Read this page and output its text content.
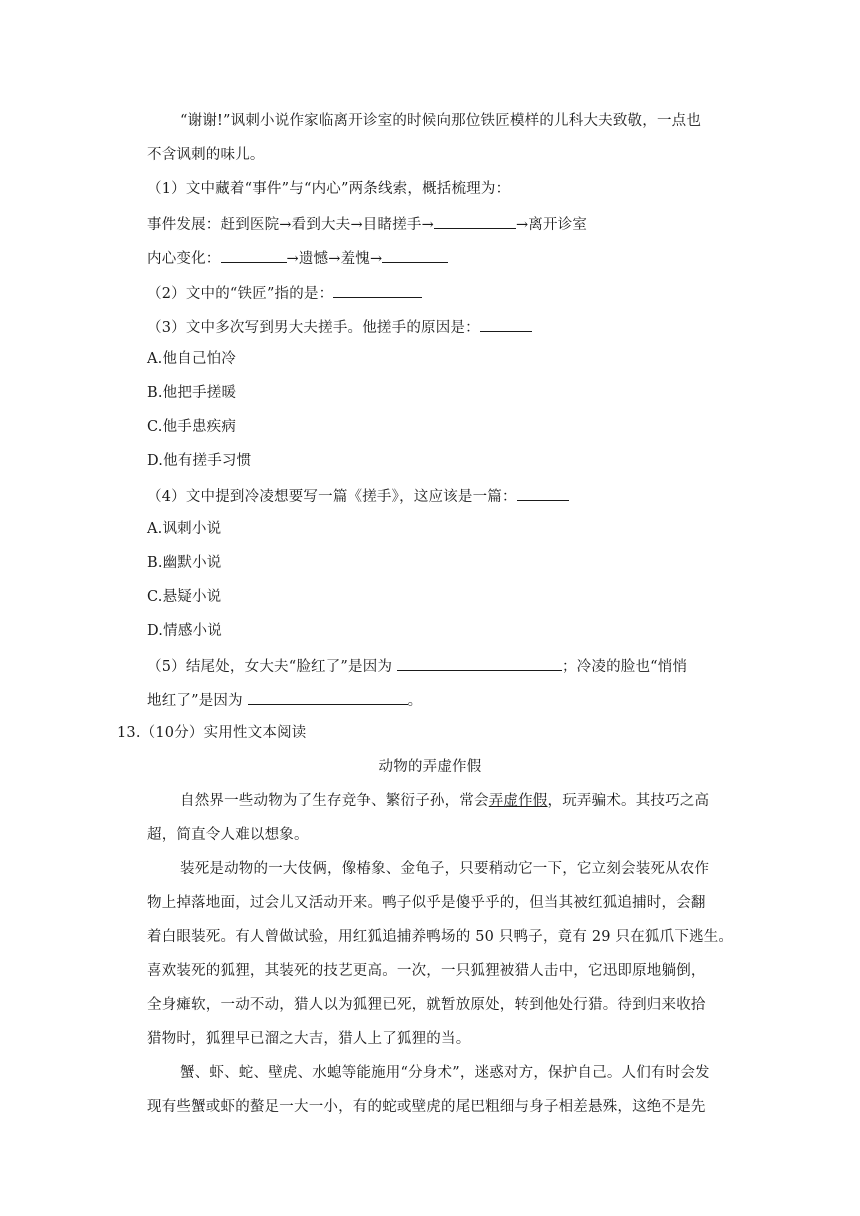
“谢谢!”讽刺小说作家临离开诊室的时候向那位铁匠模样的儿科大夫致敬，一点也
不含讽刺的味儿。
（1）文中藏着“事件”与“内心”两条线索，概括梳理为：
事件发展：赶到医院→看到大夫→目睹搓手→	→离开诊室
内心变化：	→遗憾→羞愧→
（2）文中的“铁匠”指的是：
（3）文中多次写到男大夫搓手。他搓手的原因是：
A.他自己怕冷
B.他把手搓暖
C.他手患疾病
D.他有搓手习惯
（4）文中提到冷凌想要写一篇《搓手》，这应该是一篇：
A.讽刺小说
B.幽默小说
C.悬疑小说
D.情感小说
（5）结尾处，女大夫“脸红了”是因为	；冷凌的脸也“悄悄
地红了”是因为	。
13.（10分）实用性文本阅读
动物的弄虚作假
自然界一些动物为了生存竞争、繁衍子孙，常会弄虚作假，玩弄骗术。其技巧之高
超，简直令人难以想象。
装死是动物的一大伎俩，像椿象、金龟子，只要稍动它一下，它立刻会装死从农作
物上掉落地面，过会儿又活动开来。鸭子似乎是傻乎乎的，但当其被红狐追捕时，会翻
着白眼装死。有人曾做试验，用红狐追捕养鸭场的 50 只鸭子，竟有 29 只在狐爪下逃生。
喜欢装死的狐狸，其装死的技艺更高。一次，一只狐狸被猎人击中，它迅即原地躺倒，
全身瘫软，一动不动，猎人以为狐狸已死，就暂放原处，转到他处行猎。待到归来收拾
猎物时，狐狸早已溜之大吉，猎人上了狐狸的当。
蟹、虾、蛇、壁虎、水螅等能施用“分身术”，迷惑对方，保护自己。人们有时会发
现有些蟹或虾的螯足一大一小，有的蛇或壁虎的尾巴粗细与身子相差悬殊，这绝不是先
